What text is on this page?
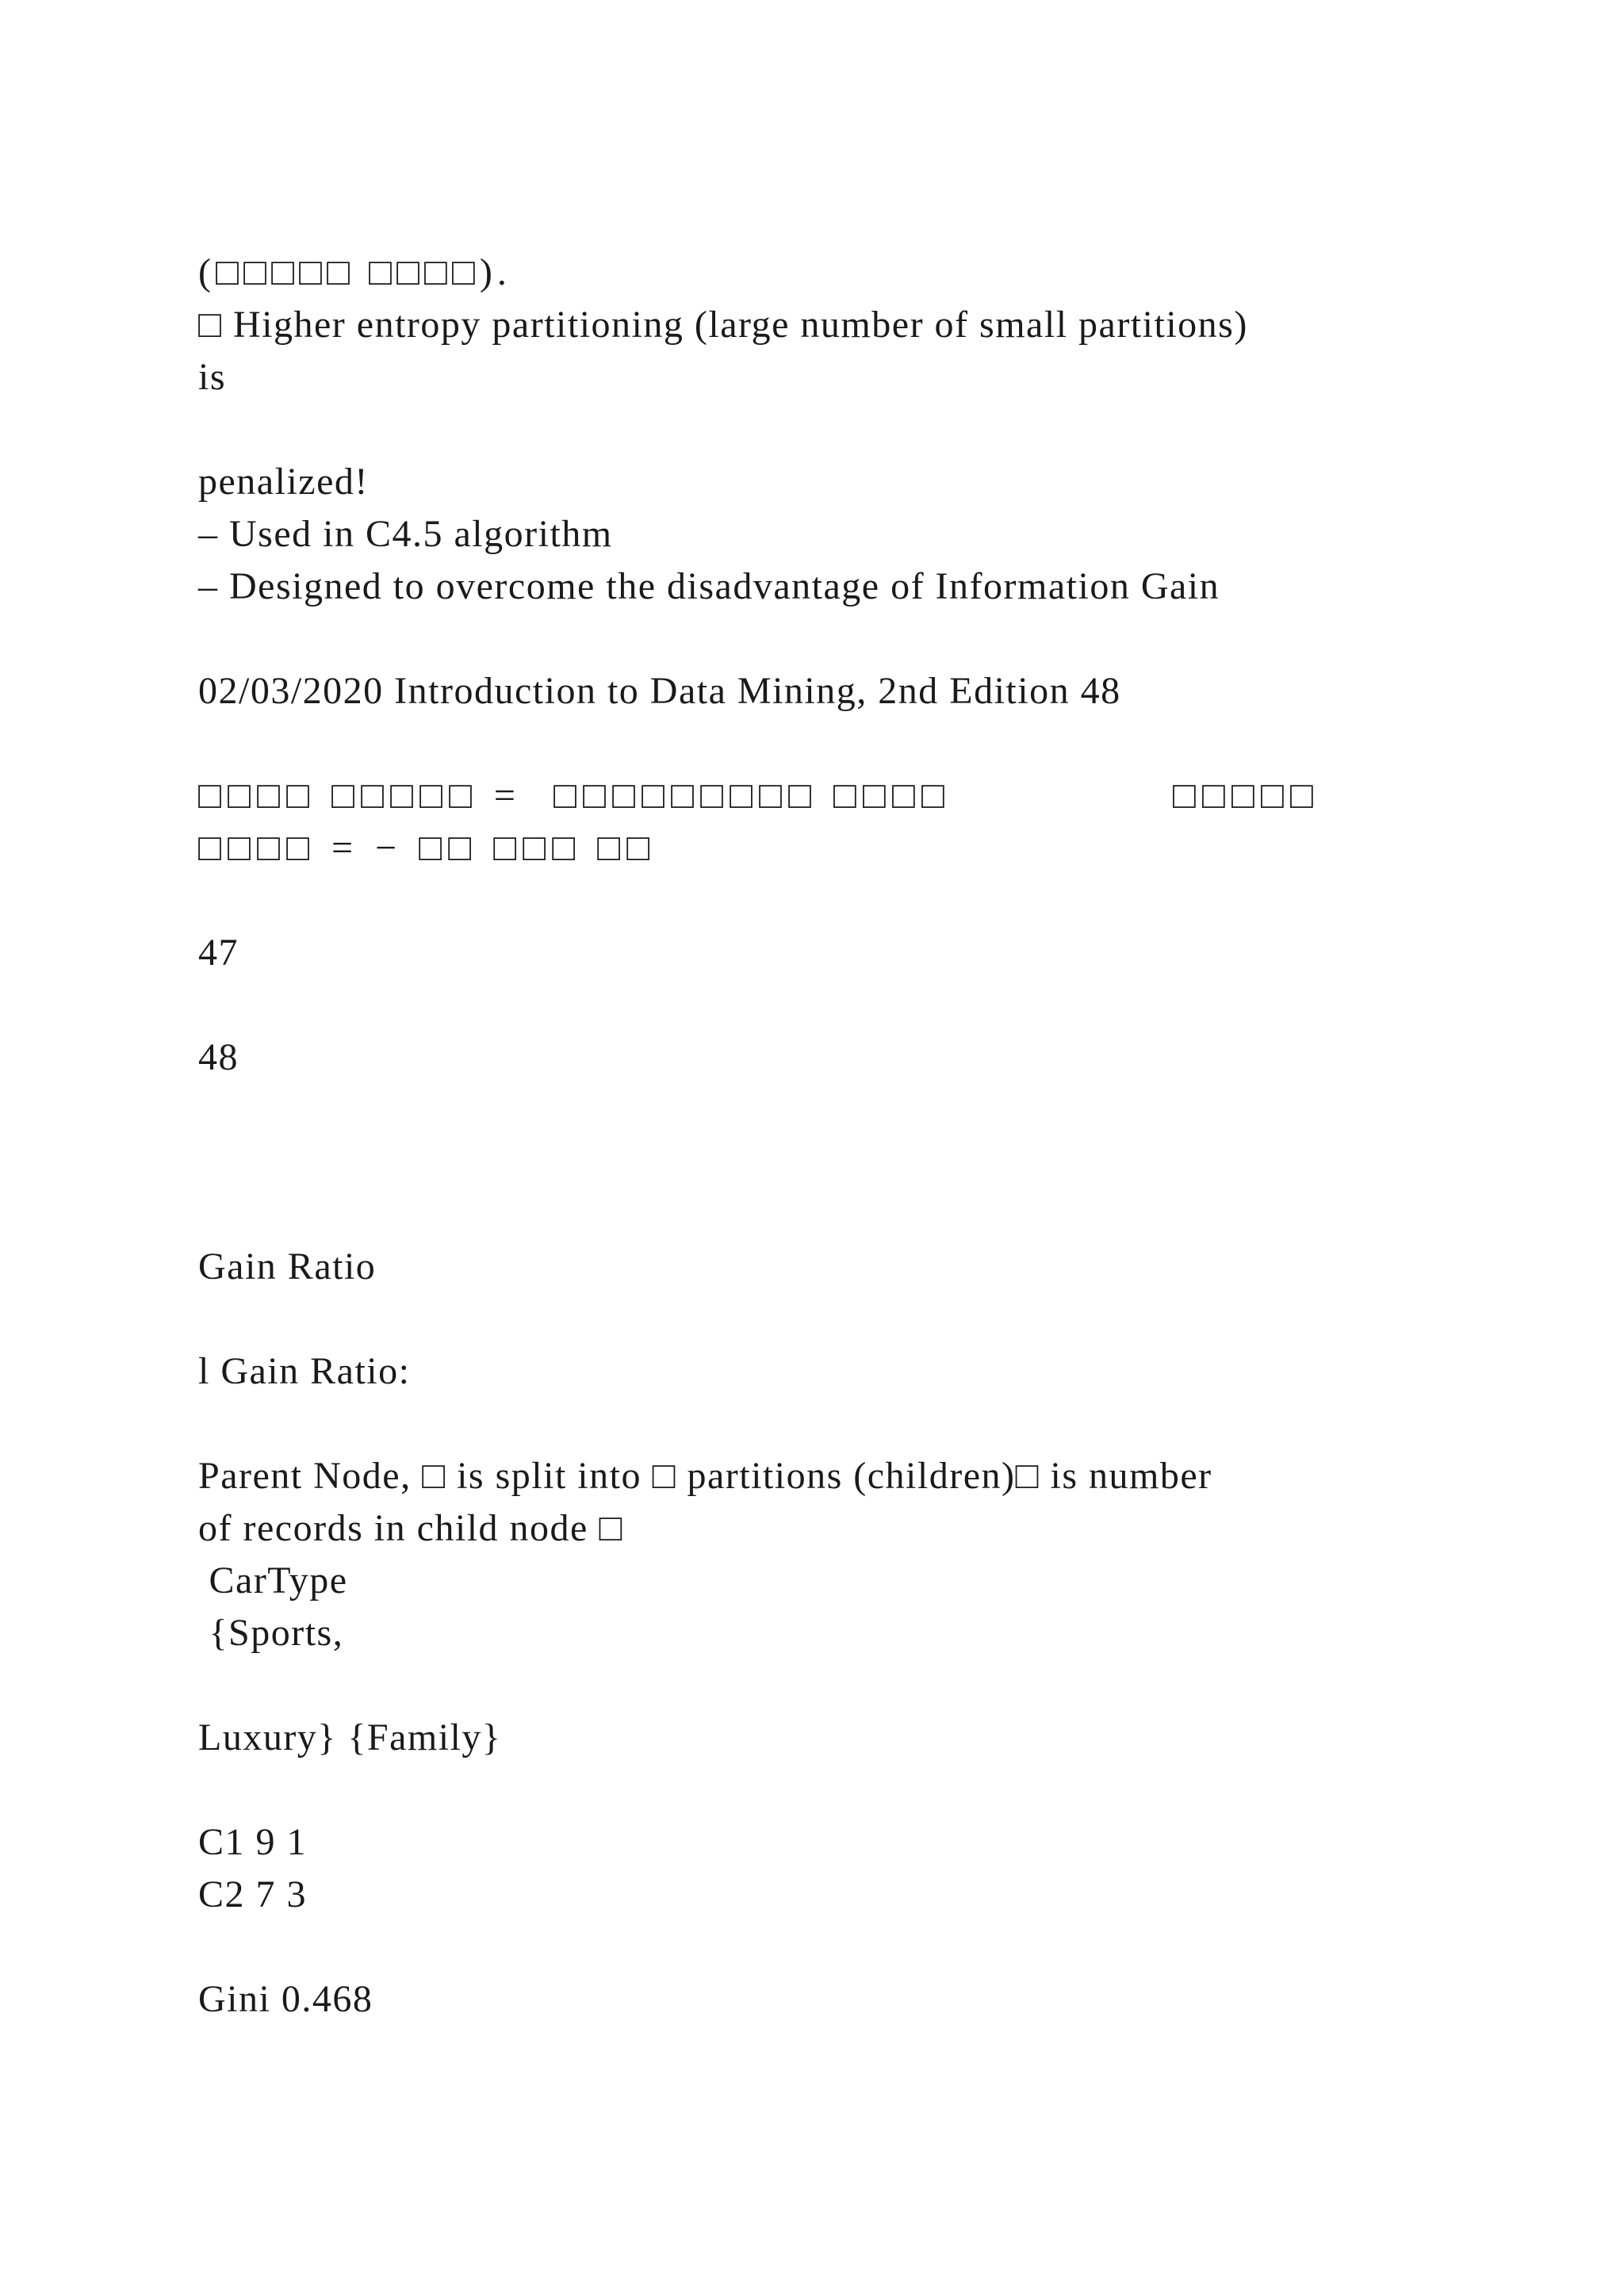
(□□□□□ □□□□).

□ Higher entropy partitioning (large number of small partitions)

is

penalized!

– Used in C4.5 algorithm

– Designed to overcome the disadvantage of Information Gain

02/03/2020 Introduction to Data Mining, 2nd Edition 48

□□□□ □□□□□ =  □□□□□□□□□ □□□□              □□□□□

□□□□ = − □□ □□□ □□

47

48

Gain Ratio

l Gain Ratio:

Parent Node, □ is split into □ partitions (children)□ is number

of records in child node □

CarType

{Sports,

Luxury} {Family}

C1 9 1

C2 7 3

Gini 0.468
